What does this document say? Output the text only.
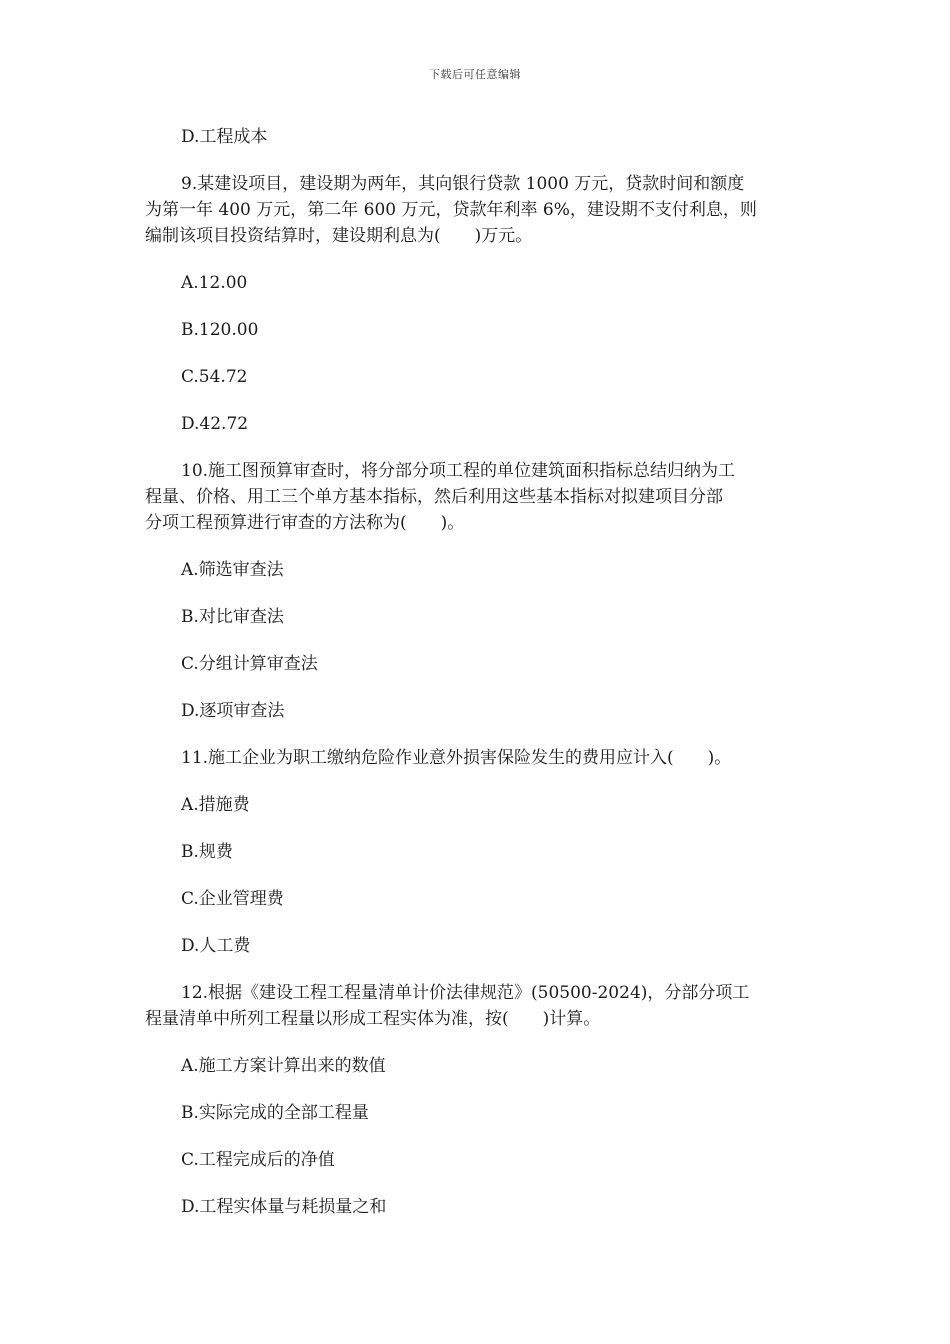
下载后可任意编辑
D.工程成本
9.某建设项目，建设期为两年，其向银行贷款 1000 万元，贷款时间和额度
为第一年 400 万元，第二年 600 万元，贷款年利率 6%，建设期不支付利息，则
编制该项目投资结算时，建设期利息为(　　)万元。
A.12.00
B.120.00
C.54.72
D.42.72
10.施工图预算审查时，将分部分项工程的单位建筑面积指标总结归纳为工
程量、价格、用工三个单方基本指标，然后利用这些基本指标对拟建项目分部
分项工程预算进行审查的方法称为(　　)。
A.筛选审查法
B.对比审查法
C.分组计算审查法
D.逐项审查法
11.施工企业为职工缴纳危险作业意外损害保险发生的费用应计入(　　)。
A.措施费
B.规费
C.企业管理费
D.人工费
12.根据《建设工程工程量清单计价法律规范》(50500-2024)，分部分项工
程量清单中所列工程量以形成工程实体为准，按(　　)计算。
A.施工方案计算出来的数值
B.实际完成的全部工程量
C.工程完成后的净值
D.工程实体量与耗损量之和
